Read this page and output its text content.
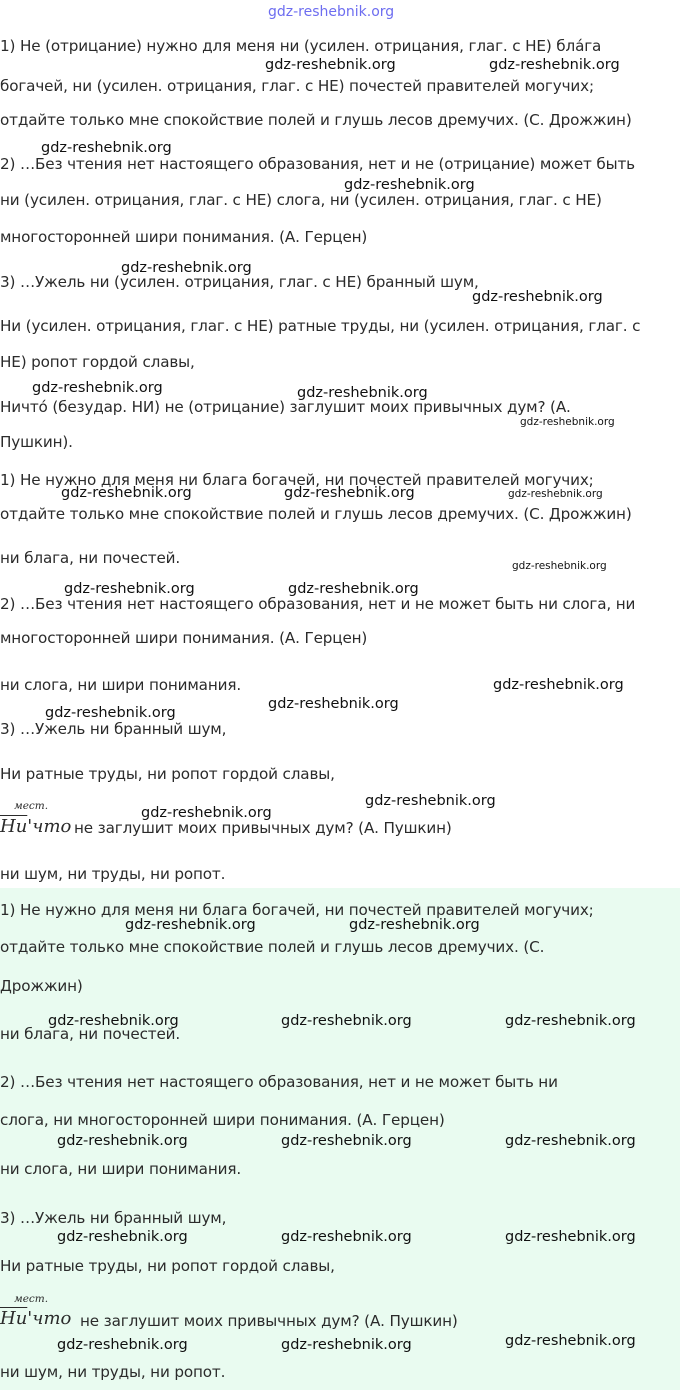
gdz-reshebnik.org
1) Не (отрицание) нужно для меня ни (усилен. отрицания, глаг. с НЕ) бла́га
богачей, ни (усилен. отрицания, глаг. с НЕ) почестей правителей могучих;
отдайте только мне спокойствие полей и глушь лесов дремучих. (С. Дрожжин)
2) …Без чтения нет настоящего образования, нет и не (отрицание) может быть
ни (усилен. отрицания, глаг. с НЕ) слога, ни (усилен. отрицания, глаг. с НЕ)
многосторонней шири понимания. (А. Герцен)
3) …Ужель ни (усилен. отрицания, глаг. с НЕ) бранный шум,
Ни (усилен. отрицания, глаг. с НЕ) ратные труды, ни (усилен. отрицания, глаг. с
НЕ) ропот гордой славы,
Ничто́ (безудар. НИ) не (отрицание) заглушит моих привычных дум? (А.
Пушкин).
1) Не нужно для меня ни блага богачей, ни почестей правителей могучих;
отдайте только мне спокойствие полей и глушь лесов дремучих. (С. Дрожжин)
ни блага, ни почестей.
2) …Без чтения нет настоящего образования, нет и не может быть ни слога, ни
многосторонней шири понимания. (А. Герцен)
ни слога, ни шири понимания.
3) …Ужель ни бранный шум,
Ни ратные труды, ни ропот гордой славы,
мест.
Ни'что не заглушит моих привычных дум? (А. Пушкин)
ни шум, ни труды, ни ропот.
1) Не нужно для меня ни блага богачей, ни почестей правителей могучих;
отдайте только мне спокойствие полей и глушь лесов дремучих. (С.
Дрожжин)
ни блага, ни почестей.
2) …Без чтения нет настоящего образования, нет и не может быть ни
слога, ни многосторонней шири понимания. (А. Герцен)
ни слога, ни шири понимания.
3) …Ужель ни бранный шум,
Ни ратные труды, ни ропот гордой славы,
мест.
Ни'что не заглушит моих привычных дум? (А. Пушкин)
ни шум, ни труды, ни ропот.
gdz-reshebnik.org	gdz-reshebnik.org
gdz-reshebnik.org
gdz-reshebnik.org
gdz-reshebnik.org
gdz-reshebnik.org
gdz-reshebnik.org	gdz-reshebnik.org
gdz-reshebnik.org
gdz-reshebnik.org	gdz-reshebnik.org	gdz-reshebnik.org
gdz-reshebnik.org
gdz-reshebnik.org	gdz-reshebnik.org
gdz-reshebnik.org
gdz-reshebnik.org
gdz-reshebnik.org
gdz-reshebnik.org
gdz-reshebnik.org
gdz-reshebnik.org	gdz-reshebnik.org
gdz-reshebnik.org	gdz-reshebnik.org	gdz-reshebnik.org
gdz-reshebnik.org	gdz-reshebnik.org	gdz-reshebnik.org
gdz-reshebnik.org	gdz-reshebnik.org	gdz-reshebnik.org
gdz-reshebnik.org
gdz-reshebnik.org	gdz-reshebnik.org
